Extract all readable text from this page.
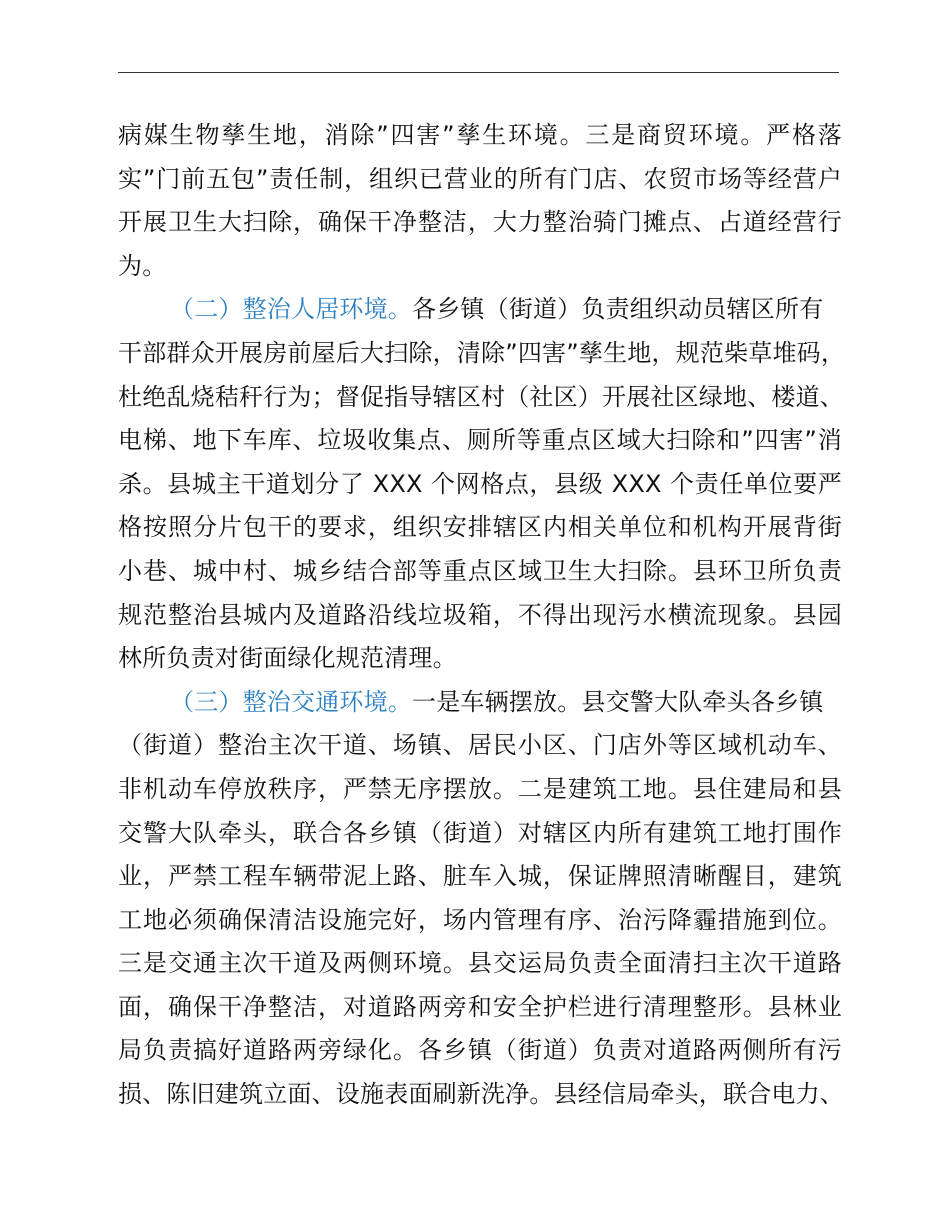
病媒生物孳生地，消除”四害”孳生环境。三是商贸环境。严格落
实”门前五包”责任制，组织已营业的所有门店、农贸市场等经营户
开展卫生大扫除，确保干净整洁，大力整治骑门摊点、占道经营行
为。
（二）整治人居环境。各乡镇（街道）负责组织动员辖区所有
干部群众开展房前屋后大扫除，清除”四害”孳生地，规范柴草堆码，
杜绝乱烧秸秆行为；督促指导辖区村（社区）开展社区绿地、楼道、
电梯、地下车库、垃圾收集点、厕所等重点区域大扫除和”四害”消
杀。县城主干道划分了 XXX 个网格点，县级 XXX 个责任单位要严
格按照分片包干的要求，组织安排辖区内相关单位和机构开展背街
小巷、城中村、城乡结合部等重点区域卫生大扫除。县环卫所负责
规范整治县城内及道路沿线垃圾箱，不得出现污水横流现象。县园
林所负责对街面绿化规范清理。
（三）整治交通环境。一是车辆摆放。县交警大队牵头各乡镇
（街道）整治主次干道、场镇、居民小区、门店外等区域机动车、
非机动车停放秩序，严禁无序摆放。二是建筑工地。县住建局和县
交警大队牵头，联合各乡镇（街道）对辖区内所有建筑工地打围作
业，严禁工程车辆带泥上路、脏车入城，保证牌照清晰醒目，建筑
工地必须确保清洁设施完好，场内管理有序、治污降霾措施到位。
三是交通主次干道及两侧环境。县交运局负责全面清扫主次干道路
面，确保干净整洁，对道路两旁和安全护栏进行清理整形。县林业
局负责搞好道路两旁绿化。各乡镇（街道）负责对道路两侧所有污
损、陈旧建筑立面、设施表面刷新洗净。县经信局牵头，联合电力、
